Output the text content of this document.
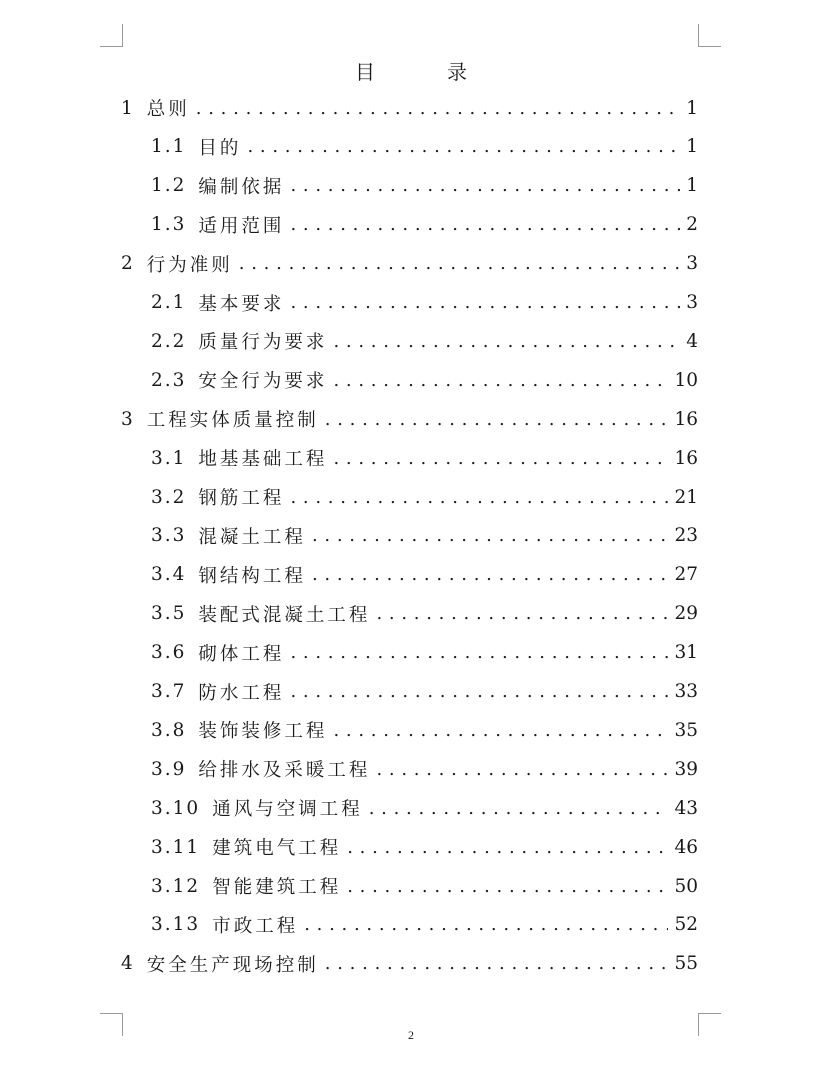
目　录
1 总则 . . .	1
1.1 目的 . . .	1
1.2 编制依据 . . .	1
1.3 适用范围 . . .	2
2 行为准则 . . .	3
2.1 基本要求 . . .	3
2.2 质量行为要求 . . .	4
2.3 安全行为要求 . . .	10
3 工程实体质量控制 . . .	16
3.1 地基基础工程 . . .	16
3.2 钢筋工程 . . .	21
3.3 混凝土工程 . . .	23
3.4 钢结构工程 . . .	27
3.5 装配式混凝土工程 . . .	29
3.6 砌体工程 . . .	31
3.7 防水工程 . . .	33
3.8 装饰装修工程 . . .	35
3.9 给排水及采暖工程 . . .	39
3.10 通风与空调工程 . . .	43
3.11 建筑电气工程 . . .	46
3.12 智能建筑工程 . . .	50
3.13 市政工程 . . .	52
4 安全生产现场控制 . . .	55
2
